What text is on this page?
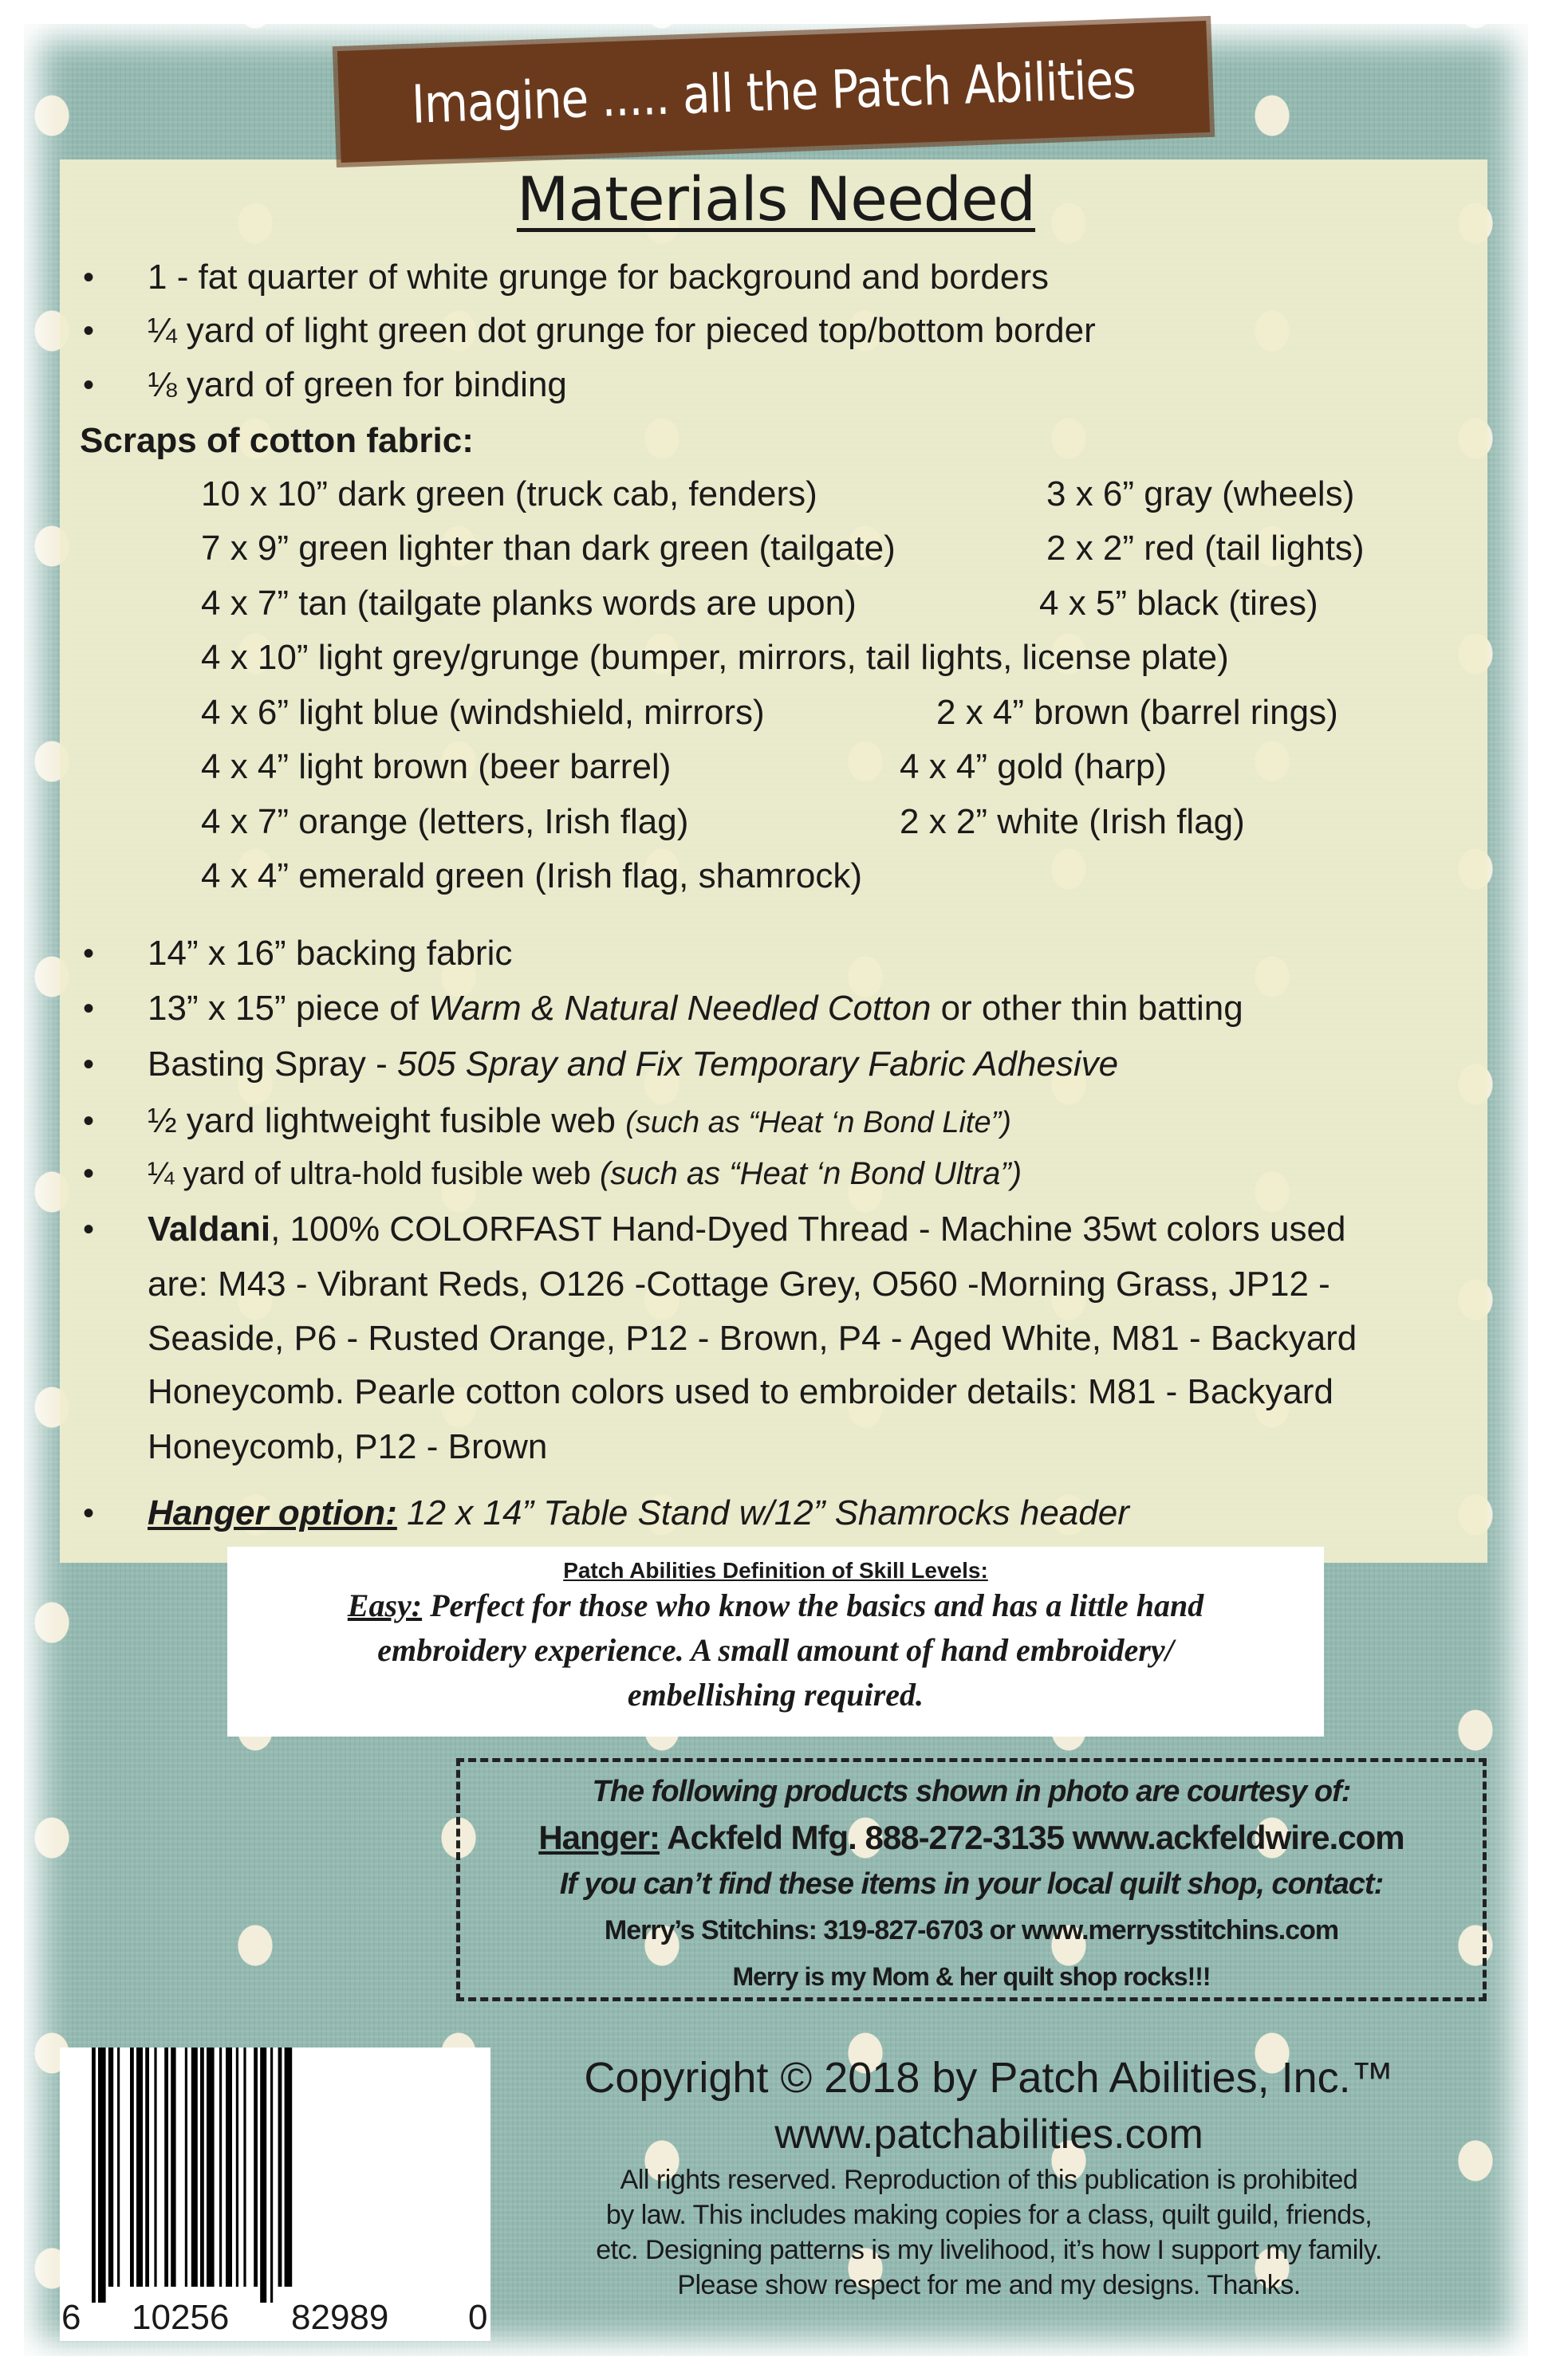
Imagine ..... all the Patch Abilities
Materials Needed
• 1 - fat quarter of white grunge for background and borders
• ¼ yard of light green dot grunge for pieced top/bottom border
• ⅛ yard of green for binding
Scraps of cotton fabric:
10 x 10” dark green (truck cab, fenders)	3 x 6” gray (wheels)
7 x 9” green lighter than dark green (tailgate)	2 x 2” red (tail lights)
4 x 7” tan (tailgate planks words are upon)	4 x 5” black (tires)
4 x 10” light grey/grunge (bumper, mirrors, tail lights, license plate)
4 x 6” light blue (windshield, mirrors)	2 x 4” brown (barrel rings)
4 x 4” light brown (beer barrel)	4 x 4” gold (harp)
4 x 7” orange (letters, Irish flag)	2 x 2” white (Irish flag)
4 x 4” emerald green (Irish flag, shamrock)
• 14” x 16” backing fabric
• 13” x 15” piece of Warm & Natural Needled Cotton or other thin batting
• Basting Spray - 505 Spray and Fix Temporary Fabric Adhesive
• ½ yard lightweight fusible web (such as “Heat ‘n Bond Lite”)
• ¼ yard of ultra-hold fusible web (such as “Heat ‘n Bond Ultra”)
• Valdani, 100% COLORFAST Hand-Dyed Thread - Machine 35wt colors used
are: M43 - Vibrant Reds, O126 -Cottage Grey, O560 -Morning Grass, JP12 -
Seaside, P6 - Rusted Orange, P12 - Brown, P4 - Aged White, M81 - Backyard
Honeycomb. Pearle cotton colors used to embroider details: M81 - Backyard
Honeycomb, P12 - Brown
• Hanger option: 12 x 14” Table Stand w/12” Shamrocks header
Patch Abilities Definition of Skill Levels:
Easy: Perfect for those who know the basics and has a little hand
embroidery experience. A small amount of hand embroidery/
embellishing required.
The following products shown in photo are courtesy of:
Hanger: Ackfeld Mfg. 888-272-3135 www.ackfeldwire.com
If you can’t find these items in your local quilt shop, contact:
Merry’s Stitchins: 319-827-6703 or www.merrysstitchins.com
Merry is my Mom & her quilt shop rocks!!!
6 10256 82989 0
Copyright © 2018 by Patch Abilities, Inc.™
www.patchabilities.com
All rights reserved. Reproduction of this publication is prohibited
by law. This includes making copies for a class, quilt guild, friends,
etc. Designing patterns is my livelihood, it’s how I support my family.
Please show respect for me and my designs. Thanks.
